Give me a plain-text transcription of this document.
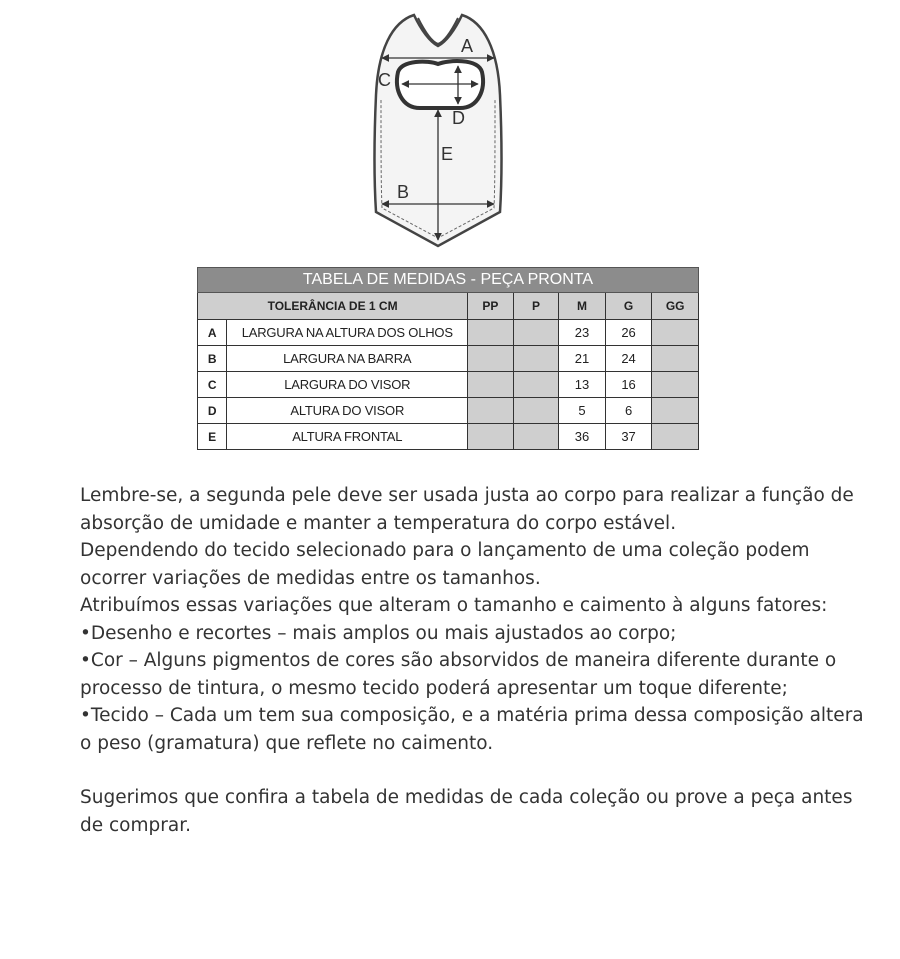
A
C
D
E
B
TABELA DE MEDIDAS - PEÇA PRONTA						
TOLERÂNCIA DE 1 CM		PP	P	M	G	GG
A	LARGURA NA ALTURA DOS OLHOS			23	26	
B	LARGURA NA BARRA			21	24	
C	LARGURA DO VISOR			13	16	
D	ALTURA DO VISOR			5	6	
E	ALTURA FRONTAL			36	37	

Lembre-se, a segunda pele deve ser usada justa ao corpo para realizar a função de absorção de umidade e manter a temperatura do corpo estável.

Dependendo do tecido selecionado para o lançamento de uma coleção podem ocorrer variações de medidas entre os tamanhos.

Atribuímos essas variações que alteram o tamanho e caimento à alguns fatores:

•Desenho e recortes – mais amplos ou mais ajustados ao corpo;

•Cor – Alguns pigmentos de cores são absorvidos de maneira diferente durante o processo de tintura, o mesmo tecido poderá apresentar um toque diferente;

•Tecido – Cada um tem sua composição, e a matéria prima dessa composição altera o peso (gramatura) que reflete no caimento.

Sugerimos que confira a tabela de medidas de cada coleção ou prove a peça antes de comprar.
